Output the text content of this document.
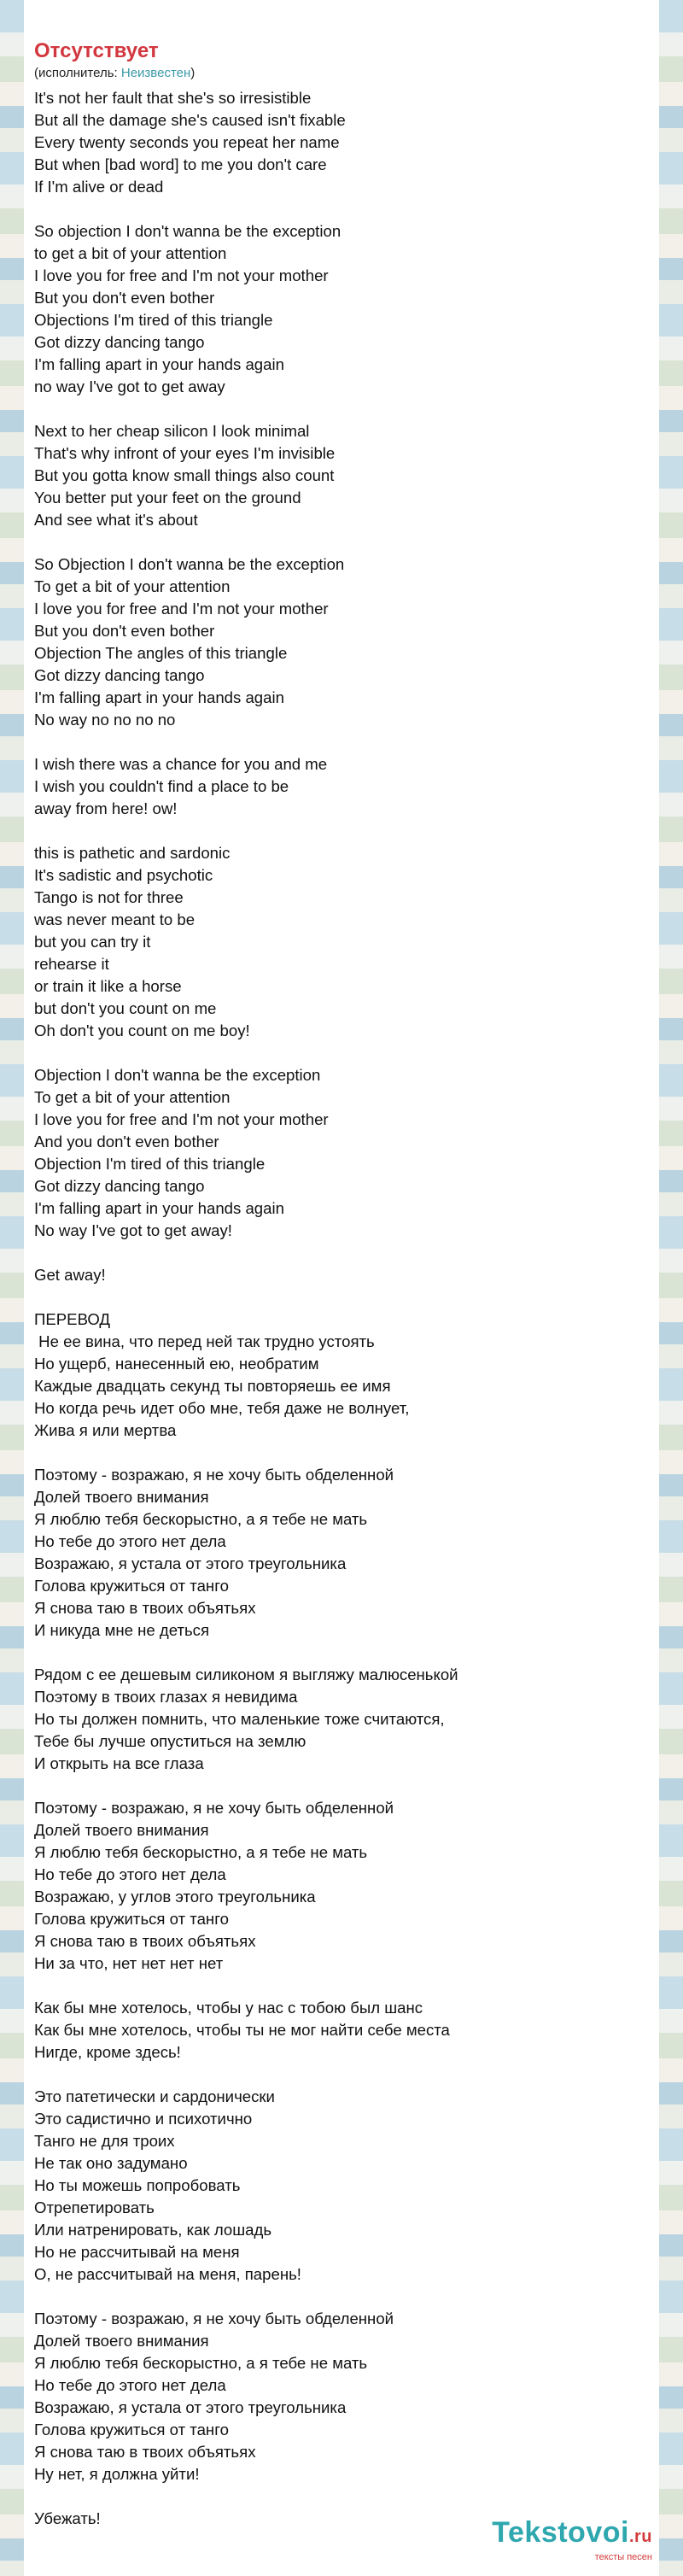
Отсутствует
(исполнитель: Неизвестен)
It's not her fault that she's so irresistible
But all the damage she's caused isn't fixable
Every twenty seconds you repeat her name
But when [bad word] to me you don't care
If I'm alive or dead
So objection I don't wanna be the exception
to get a bit of your attention
I love you for free and I'm not your mother
But you don't even bother
Objections I'm tired of this triangle
Got dizzy dancing tango
I'm falling apart in your hands again
no way I've got to get away
Next to her cheap silicon I look minimal
That's why infront of your eyes I'm invisible
But you gotta know small things also count
You better put your feet on the ground
And see what it's about
So Objection I don't wanna be the exception
To get a bit of your attention
I love you for free and I'm not your mother
But you don't even bother
Objection The angles of this triangle
Got dizzy dancing tango
I'm falling apart in your hands again
No way no no no no
I wish there was a chance for you and me
I wish you couldn't find a place to be
away from here! ow!
this is pathetic and sardonic
It's sadistic and psychotic
Tango is not for three
was never meant to be
but you can try it
rehearse it
or train it like a horse
but don't you count on me
Oh don't you count on me boy!
Objection I don't wanna be the exception
To get a bit of your attention
I love you for free and I'm not your mother
And you don't even bother
Objection I'm tired of this triangle
Got dizzy dancing tango
I'm falling apart in your hands again
No way I've got to get away!
Get away!
ПЕРЕВОД
Не ее вина, что перед ней так трудно устоять
Но ущерб, нанесенный ею, необратим
Каждые двадцать секунд ты повторяешь ее имя
Но когда речь идет обо мне, тебя даже не волнует,
Жива я или мертва
Поэтому - возражаю, я не хочу быть обделенной
Долей твоего внимания
Я люблю тебя бескорыстно, а я тебе не мать
Но тебе до этого нет дела
Возражаю, я устала от этого треугольника
Голова кружиться от танго
Я снова таю в твоих объятьях
И никуда мне не деться
Рядом с ее дешевым силиконом я выгляжу малюсенькой
Поэтому в твоих глазах я невидима
Но ты должен помнить, что маленькие тоже считаются,
Тебе бы лучше опуститься на землю
И открыть на все глаза
Поэтому - возражаю, я не хочу быть обделенной
Долей твоего внимания
Я люблю тебя бескорыстно, а я тебе не мать
Но тебе до этого нет дела
Возражаю, у углов этого треугольника
Голова кружиться от танго
Я снова таю в твоих объятьях
Ни за что, нет нет нет нет
Как бы мне хотелось, чтобы у нас с тобою был шанс
Как бы мне хотелось, чтобы ты не мог найти себе места
Нигде, кроме здесь!
Это патетически и сардонически
Это садистично и психотично
Танго не для троих
Не так оно задумано
Но ты можешь попробовать
Отрепетировать
Или натренировать, как лошадь
Но не рассчитывай на меня
О, не рассчитывай на меня, парень!
Поэтому - возражаю, я не хочу быть обделенной
Долей твоего внимания
Я люблю тебя бескорыстно, а я тебе не мать
Но тебе до этого нет дела
Возражаю, я устала от этого треугольника
Голова кружиться от танго
Я снова таю в твоих объятьях
Ну нет, я должна уйти!
Убежать!	Tekstovoi.ru
тексты песен
